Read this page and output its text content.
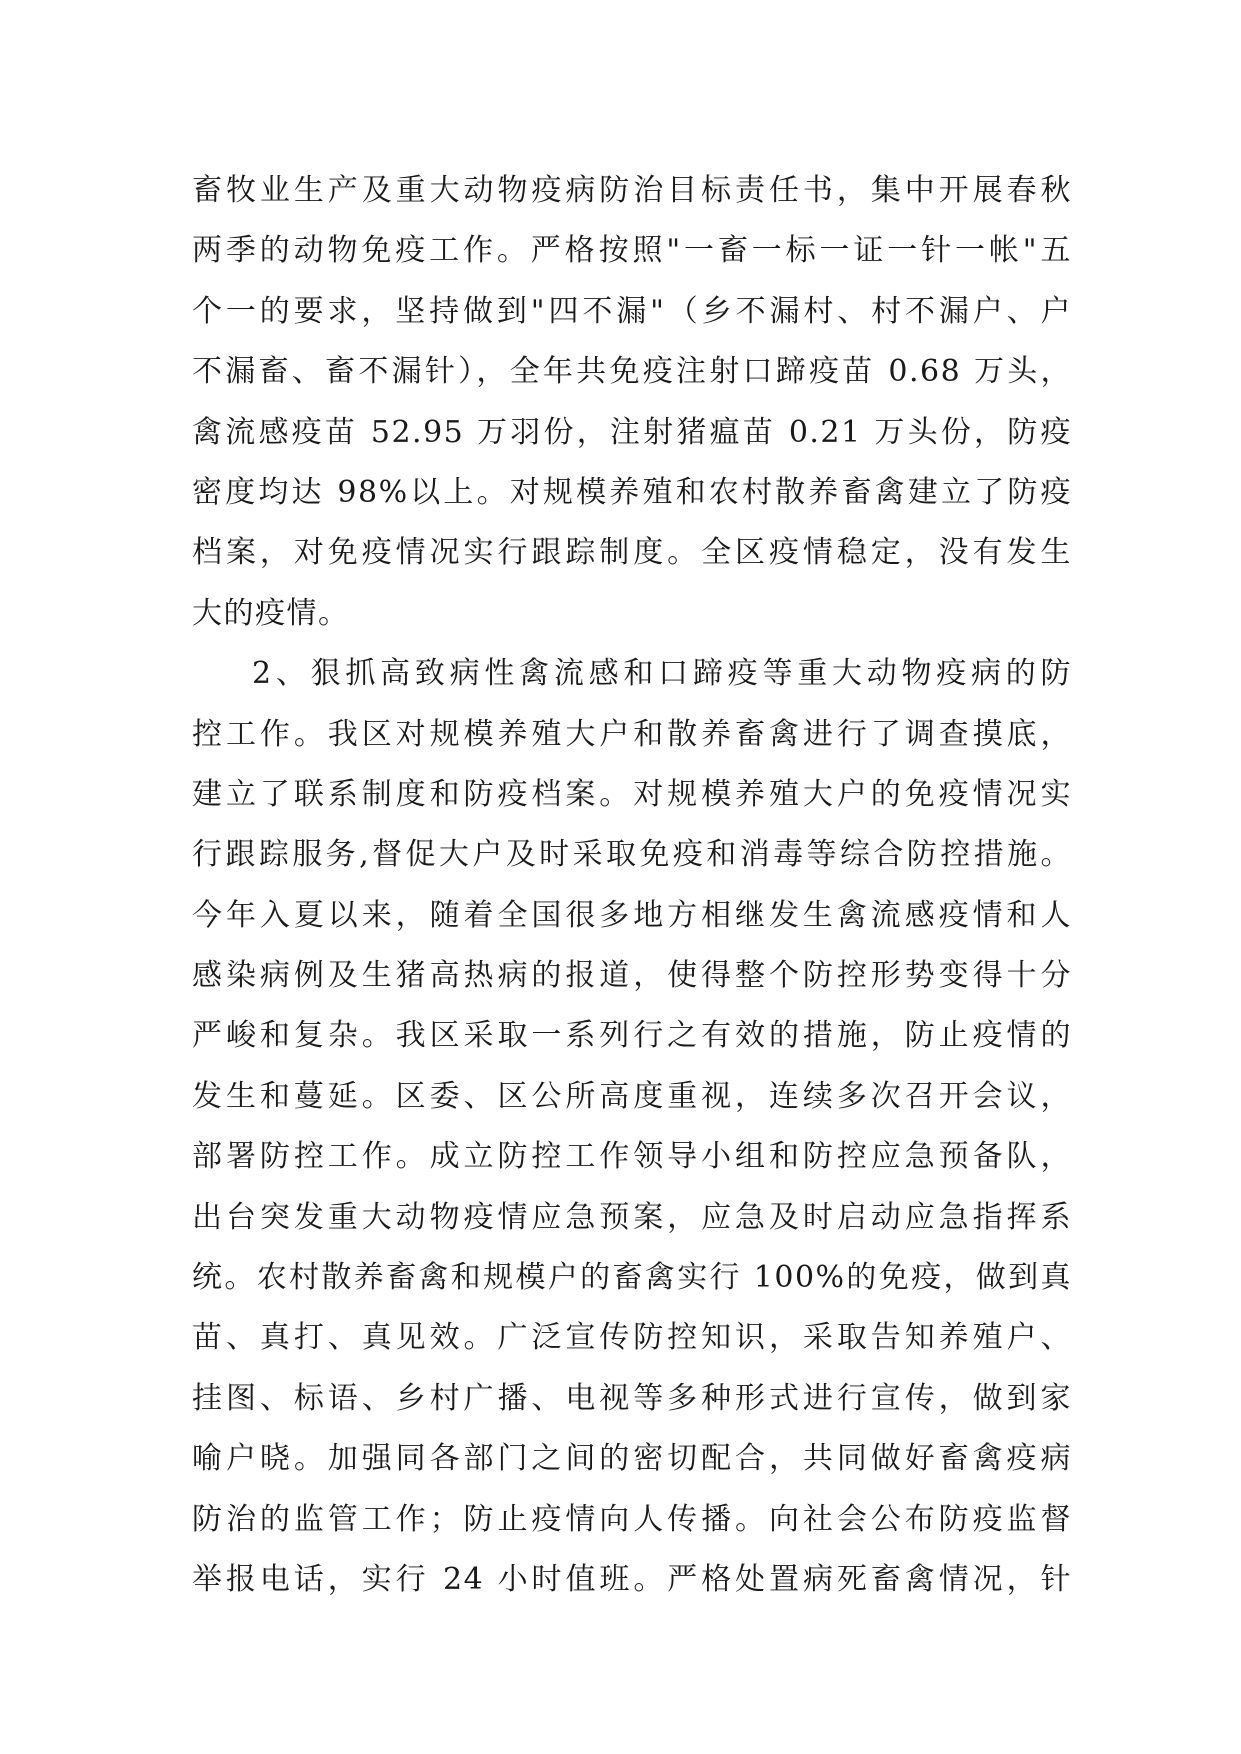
畜牧业生产及重大动物疫病防治目标责任书，集中开展春秋
两季的动物免疫工作。严格按照"一畜一标一证一针一帐"五
个一的要求，坚持做到"四不漏"（乡不漏村、村不漏户、户
不漏畜、畜不漏针），全年共免疫注射口蹄疫苗 0.68 万头，
禽流感疫苗 52.95 万羽份，注射猪瘟苗 0.21 万头份，防疫
密度均达 98%以上。对规模养殖和农村散养畜禽建立了防疫
档案，对免疫情况实行跟踪制度。全区疫情稳定，没有发生
大的疫情。
2、狠抓高致病性禽流感和口蹄疫等重大动物疫病的防
控工作。我区对规模养殖大户和散养畜禽进行了调查摸底，
建立了联系制度和防疫档案。对规模养殖大户的免疫情况实
行跟踪服务,督促大户及时采取免疫和消毒等综合防控措施。
今年入夏以来，随着全国很多地方相继发生禽流感疫情和人
感染病例及生猪高热病的报道，使得整个防控形势变得十分
严峻和复杂。我区采取一系列行之有效的措施，防止疫情的
发生和蔓延。区委、区公所高度重视，连续多次召开会议，
部署防控工作。成立防控工作领导小组和防控应急预备队，
出台突发重大动物疫情应急预案，应急及时启动应急指挥系
统。农村散养畜禽和规模户的畜禽实行 100%的免疫，做到真
苗、真打、真见效。广泛宣传防控知识，采取告知养殖户、
挂图、标语、乡村广播、电视等多种形式进行宣传，做到家
喻户晓。加强同各部门之间的密切配合，共同做好畜禽疫病
防治的监管工作；防止疫情向人传播。向社会公布防疫监督
举报电话，实行 24 小时值班。严格处置病死畜禽情况，针
